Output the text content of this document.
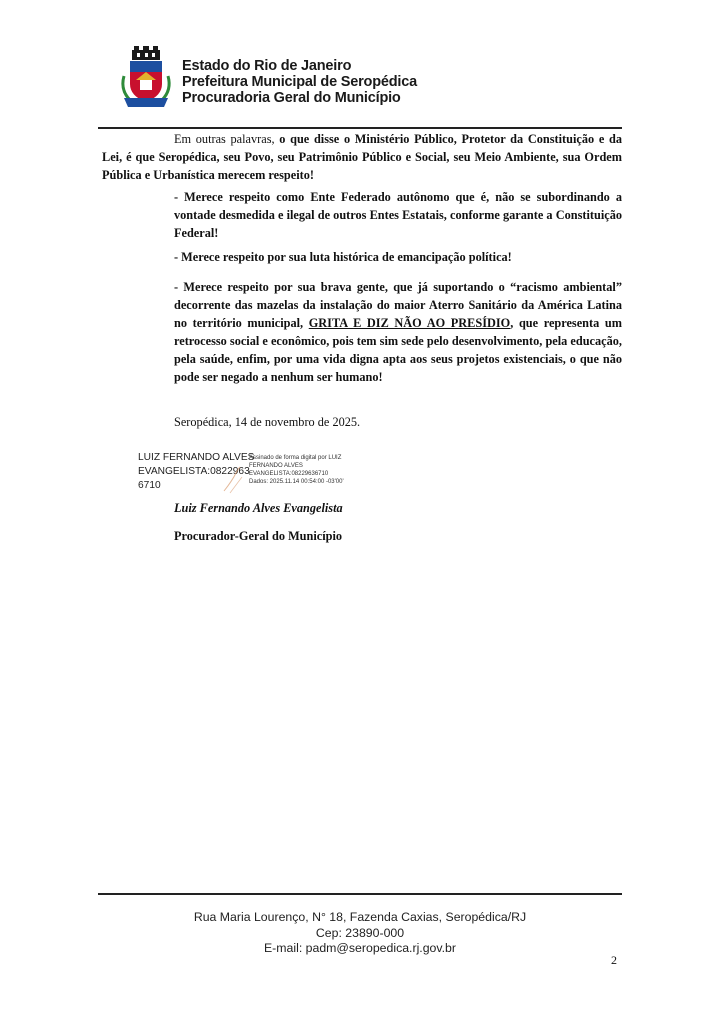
Estado do Rio de Janeiro
Prefeitura Municipal de Seropédica
Procuradoria Geral do Município
Em outras palavras, o que disse o Ministério Público, Protetor da Constituição e da Lei, é que Seropédica, seu Povo, seu Patrimônio Público e Social, seu Meio Ambiente, sua Ordem Pública e Urbanística merecem respeito!
- Merece respeito como Ente Federado autônomo que é, não se subordinando a vontade desmedida e ilegal de outros Entes Estatais, conforme garante a Constituição Federal!
- Merece respeito por sua luta histórica de emancipação política!
- Merece respeito por sua brava gente, que já suportando o “racismo ambiental” decorrente das mazelas da instalação do maior Aterro Sanitário da América Latina no território municipal, GRITA E DIZ NÃO AO PRESÍDIO, que representa um retrocesso social e econômico, pois tem sim sede pelo desenvolvimento, pela educação, pela saúde, enfim, por uma vida digna apta aos seus projetos existenciais, o que não pode ser negado a nenhum ser humano!
Seropédica, 14 de novembro de 2025.
LUIZ FERNANDO ALVES
EVANGELISTA:0822963
6710
Assinado de forma digital por LUIZ
FERNANDO ALVES
EVANGELISTA:08229636710
Dados: 2025.11.14 00:54:00 -03'00'
Luiz Fernando Alves Evangelista
Procurador-Geral do Município
Rua Maria Lourenço, N° 18, Fazenda Caxias, Seropédica/RJ
Cep: 23890-000
E-mail: padm@seropedica.rj.gov.br
2
